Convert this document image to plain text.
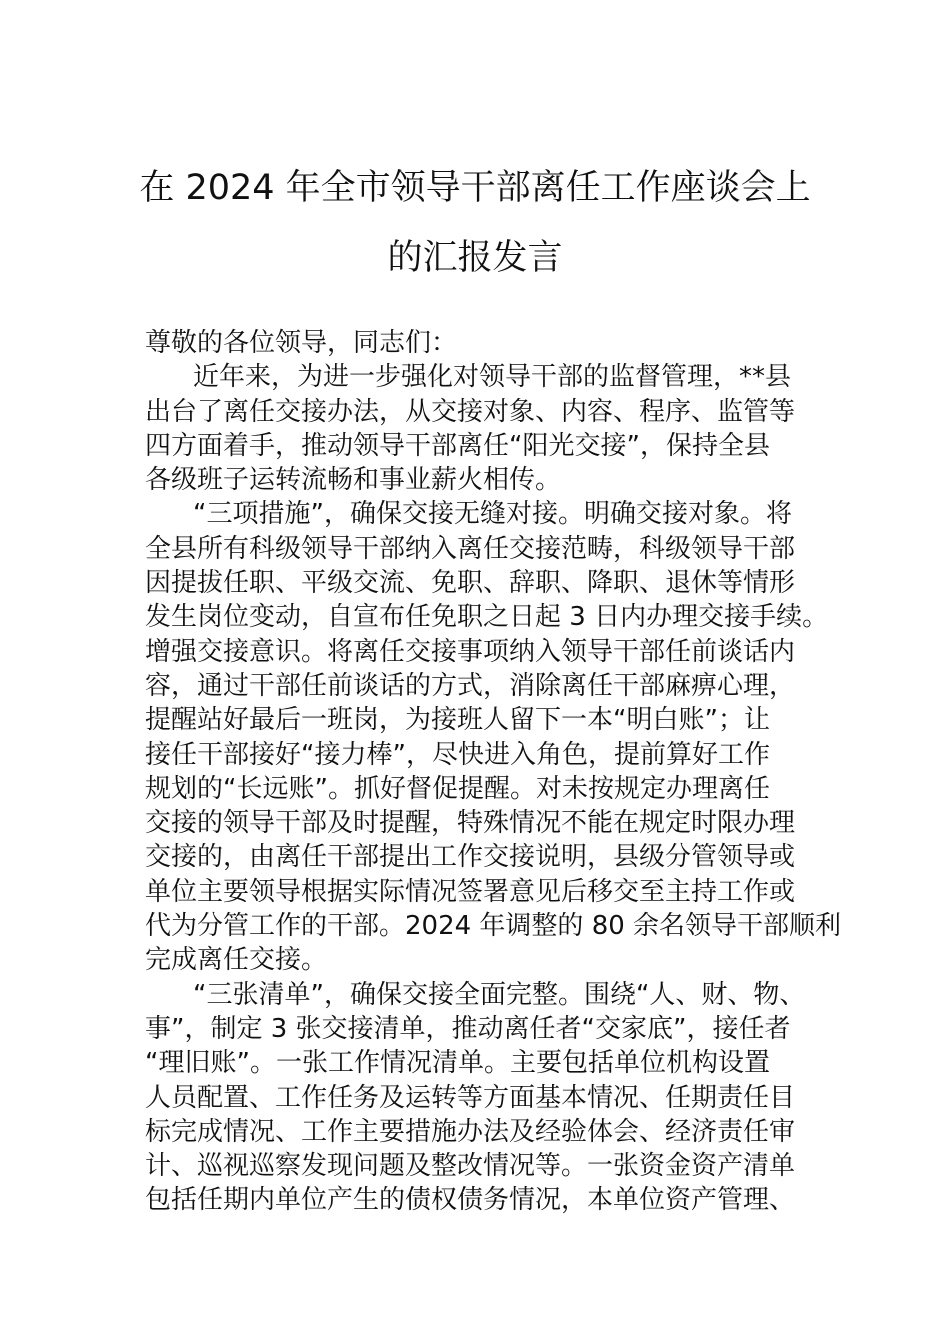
在 2024 年全市领导干部离任工作座谈会上
的汇报发言
尊敬的各位领导，同志们：
近年来，为进一步强化对领导干部的监督管理，**县
出台了离任交接办法，从交接对象、内容、程序、监管等
四方面着手，推动领导干部离任“阳光交接”，保持全县
各级班子运转流畅和事业薪火相传。
“三项措施”，确保交接无缝对接。明确交接对象。将
全县所有科级领导干部纳入离任交接范畴，科级领导干部
因提拔任职、平级交流、免职、辞职、降职、退休等情形
发生岗位变动，自宣布任免职之日起 3 日内办理交接手续。
增强交接意识。将离任交接事项纳入领导干部任前谈话内
容，通过干部任前谈话的方式，消除离任干部麻痹心理，
提醒站好最后一班岗，为接班人留下一本“明白账”；让
接任干部接好“接力棒”，尽快进入角色，提前算好工作
规划的“长远账”。抓好督促提醒。对未按规定办理离任
交接的领导干部及时提醒，特殊情况不能在规定时限办理
交接的，由离任干部提出工作交接说明，县级分管领导或
单位主要领导根据实际情况签署意见后移交至主持工作或
代为分管工作的干部。2024 年调整的 80 余名领导干部顺利
完成离任交接。
“三张清单”，确保交接全面完整。围绕“人、财、物、
事”，制定 3 张交接清单，推动离任者“交家底”，接任者
“理旧账”。一张工作情况清单。主要包括单位机构设置
人员配置、工作任务及运转等方面基本情况、任期责任目
标完成情况、工作主要措施办法及经验体会、经济责任审
计、巡视巡察发现问题及整改情况等。一张资金资产清单
包括任期内单位产生的债权债务情况，本单位资产管理、
